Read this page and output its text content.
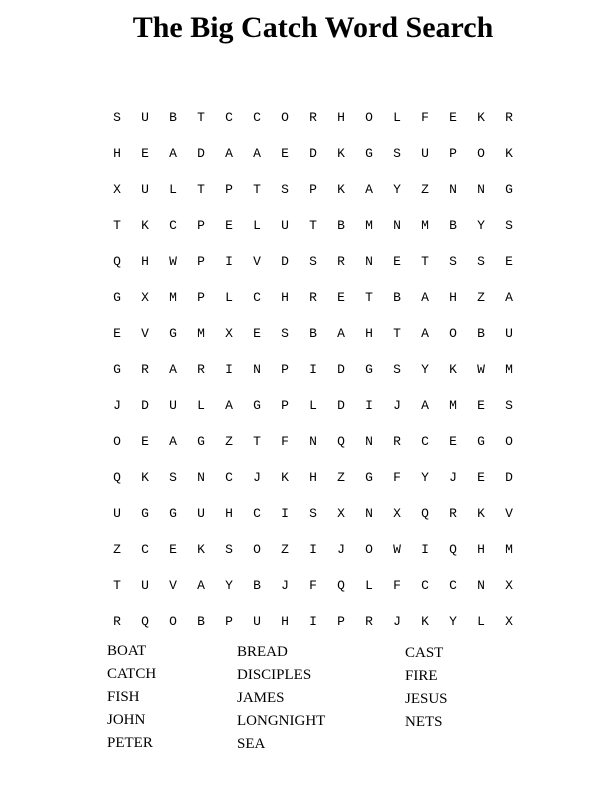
The Big Catch Word Search
S	U	B	T	C	C	O	R	H	O	L	F	E	K	R
H	E	A	D	A	A	E	D	K	G	S	U	P	O	K
X	U	L	T	P	T	S	P	K	A	Y	Z	N	N	G
T	K	C	P	E	L	U	T	B	M	N	M	B	Y	S
Q	H	W	P	I	V	D	S	R	N	E	T	S	S	E
G	X	M	P	L	C	H	R	E	T	B	A	H	Z	A
E	V	G	M	X	E	S	B	A	H	T	A	O	B	U
G	R	A	R	I	N	P	I	D	G	S	Y	K	W	M
J	D	U	L	A	G	P	L	D	I	J	A	M	E	S
O	E	A	G	Z	T	F	N	Q	N	R	C	E	G	O
Q	K	S	N	C	J	K	H	Z	G	F	Y	J	E	D
U	G	G	U	H	C	I	S	X	N	X	Q	R	K	V
Z	C	E	K	S	O	Z	I	J	O	W	I	Q	H	M
T	U	V	A	Y	B	J	F	Q	L	F	C	C	N	X
R	Q	O	B	P	U	H	I	P	R	J	K	Y	L	X
BOAT
CATCH
FISH
JOHN
PETER
BREAD
DISCIPLES
JAMES
LONGNIGHT
SEA
CAST
FIRE
JESUS
NETS
